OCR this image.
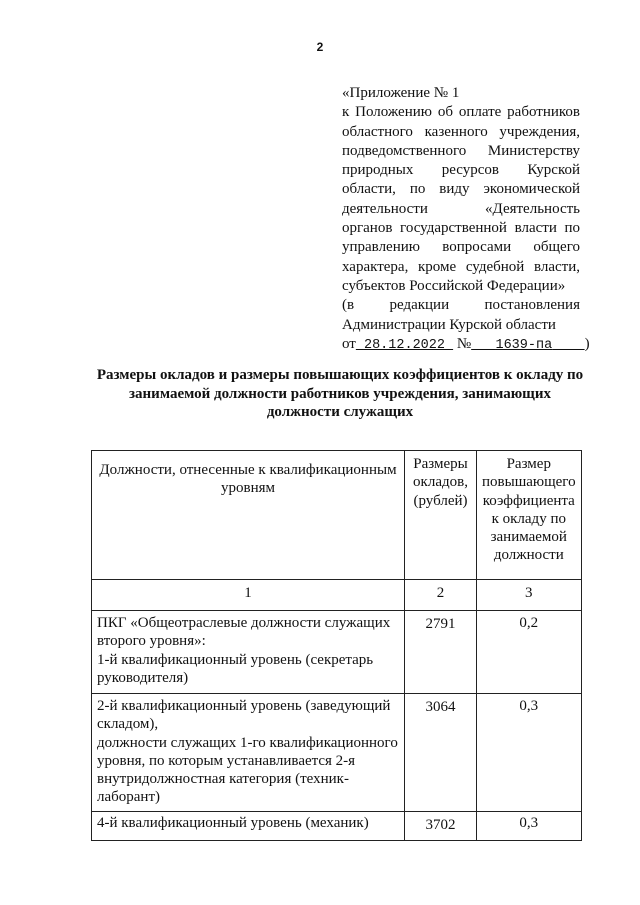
2
«Приложение № 1

к Положению об оплате работников
областного казенного учреждения,
подведомственного Министерству
природных ресурсов Курской
области, по виду экономической
деятельности «Деятельность
органов государственной власти по
управлению вопросами общего
характера, кроме судебной власти,
субъектов Российской Федерации»

(в редакции постановления
Администрации Курской области
от 28.12.2022 № 1639-па )
Размеры окладов и размеры повышающих коэффициентов к окладу по
занимаемой должности работников учреждения, занимающих
должности служащих
Должности, отнесенные к квалификационным уровням	Размеры окладов, (рублей)	Размер повышающего коэффициента к окладу по занимаемой должности
1	2	3
ПКГ «Общеотраслевые должности служащих второго уровня»:
1-й квалификационный уровень (секретарь руководителя)	2791	0,2
2-й квалификационный уровень (заведующий складом),
должности служащих 1-го квалификационного уровня, по которым устанавливается 2-я внутридолжностная категория (техник-лаборант)	3064	0,3
4-й квалификационный уровень (механик)	3702	0,3
